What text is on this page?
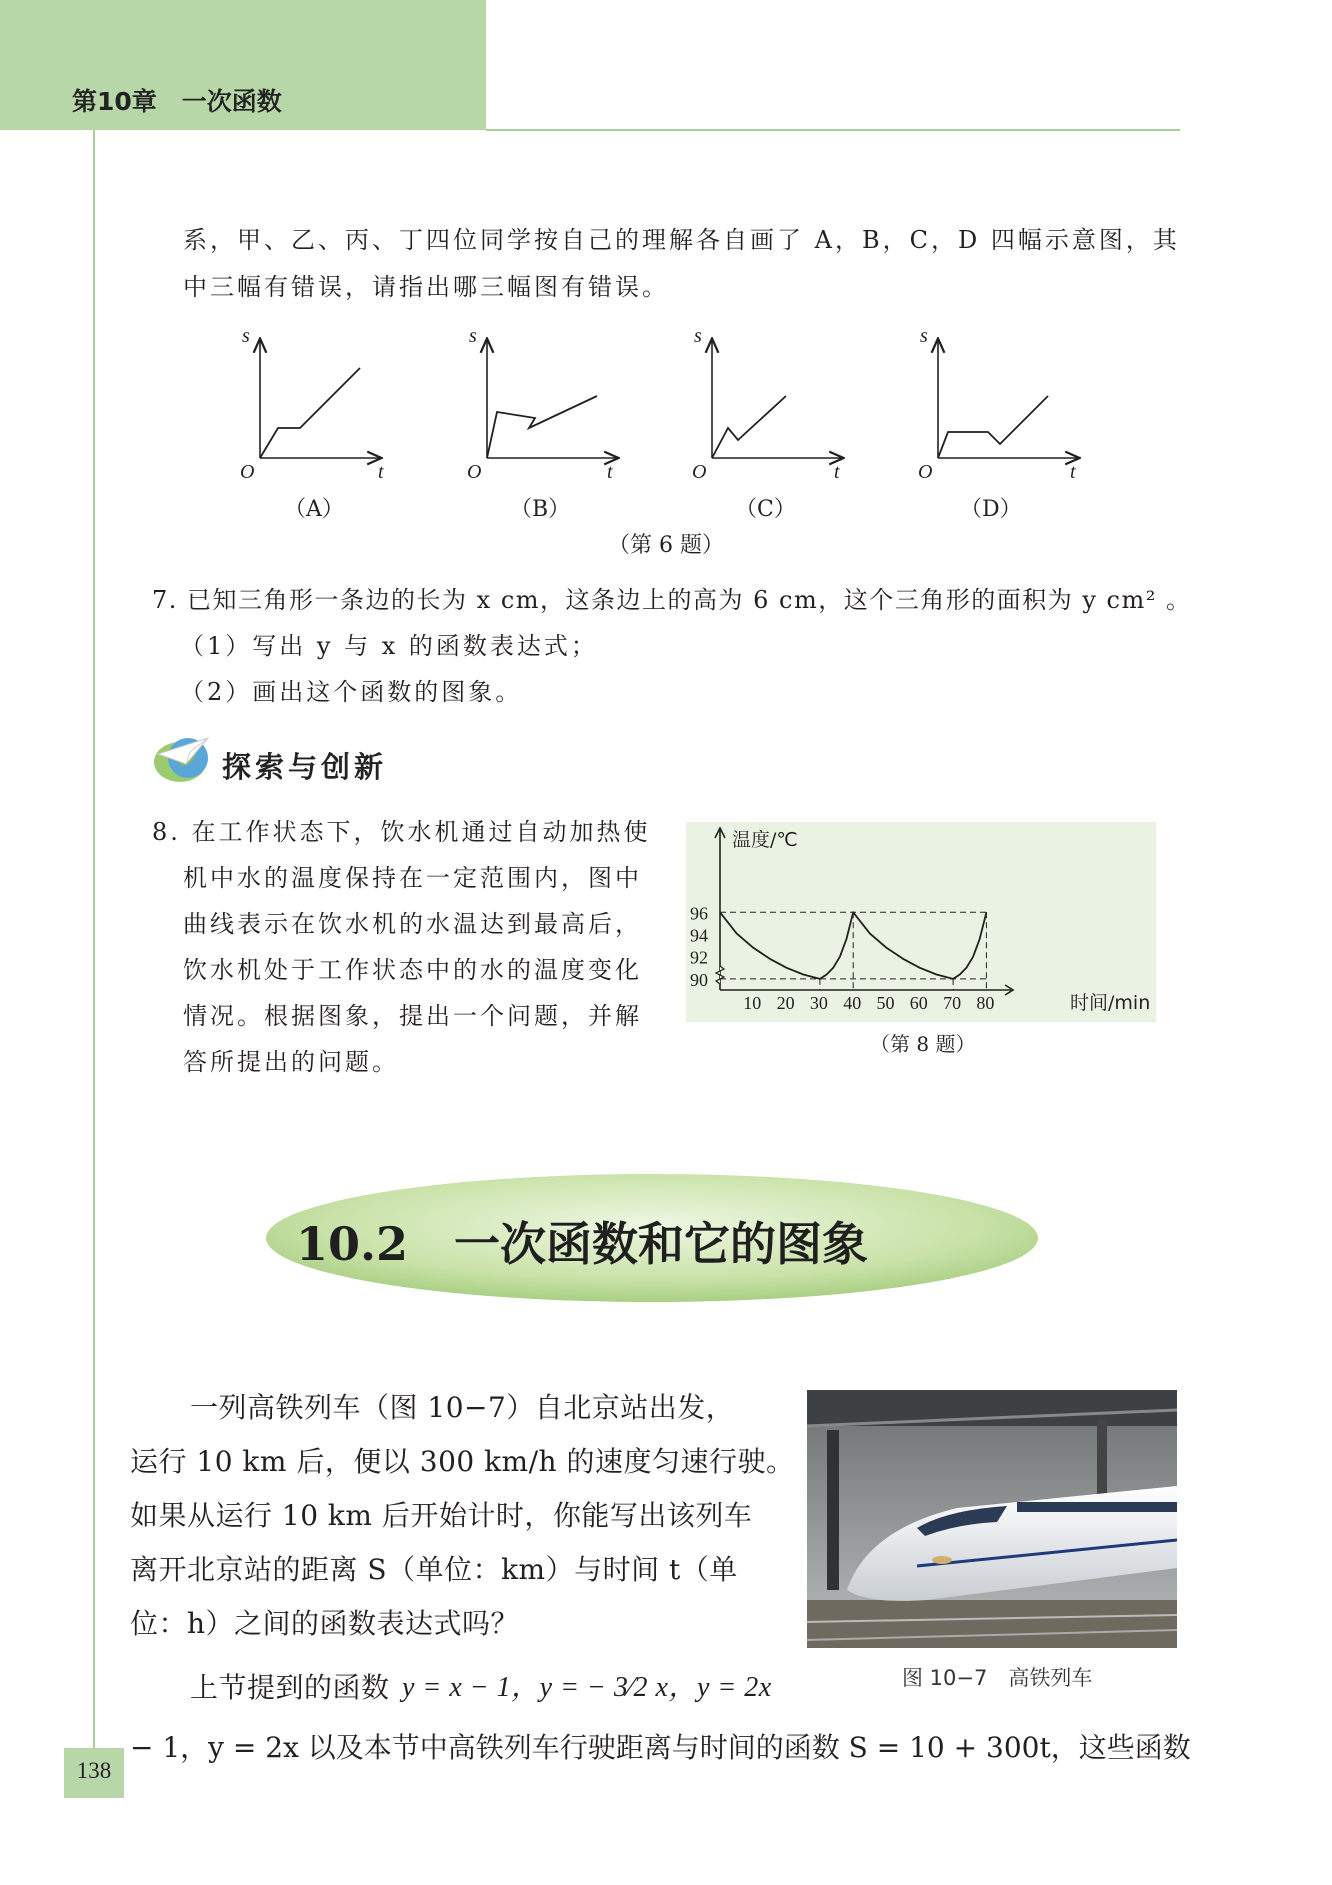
第10章　一次函数
系，甲、乙、丙、丁四位同学按自己的理解各自画了 A，B，C，D 四幅示意图，其
中三幅有错误，请指出哪三幅图有错误。
s
O	t
s
O	t
s
O	t
s
O	t
（A）	（B）	（C）	（D）
（第 6 题）
7. 已知三角形一条边的长为 x cm，这条边上的高为 6 cm，这个三角形的面积为 y cm² 。
（1）写出 y 与 x 的函数表达式；
（2）画出这个函数的图象。
探索与创新
8. 在工作状态下，饮水机通过自动加热使
机中水的温度保持在一定范围内，图中
曲线表示在饮水机的水温达到最高后，
饮水机处于工作状态中的水的温度变化
情况。根据图象，提出一个问题，并解
答所提出的问题。
90
92
94
96
10 20 30 40 50 60 70 80
温度/℃
时间/min
（第 8 题）
10.2　一次函数和它的图象
一列高铁列车（图 10−7）自北京站出发，
运行 10 km 后，便以 300 km/h 的速度匀速行驶。
如果从运行 10 km 后开始计时，你能写出该列车
离开北京站的距离 S（单位：km）与时间 t（单
位：h）之间的函数表达式吗？
上节提到的函数 y = x − 1，y = − 3⁄2 x，y = 2x
− 1，y = 2x 以及本节中高铁列车行驶距离与时间的函数 S = 10 + 300t，这些函数
图 10−7　高铁列车
138
